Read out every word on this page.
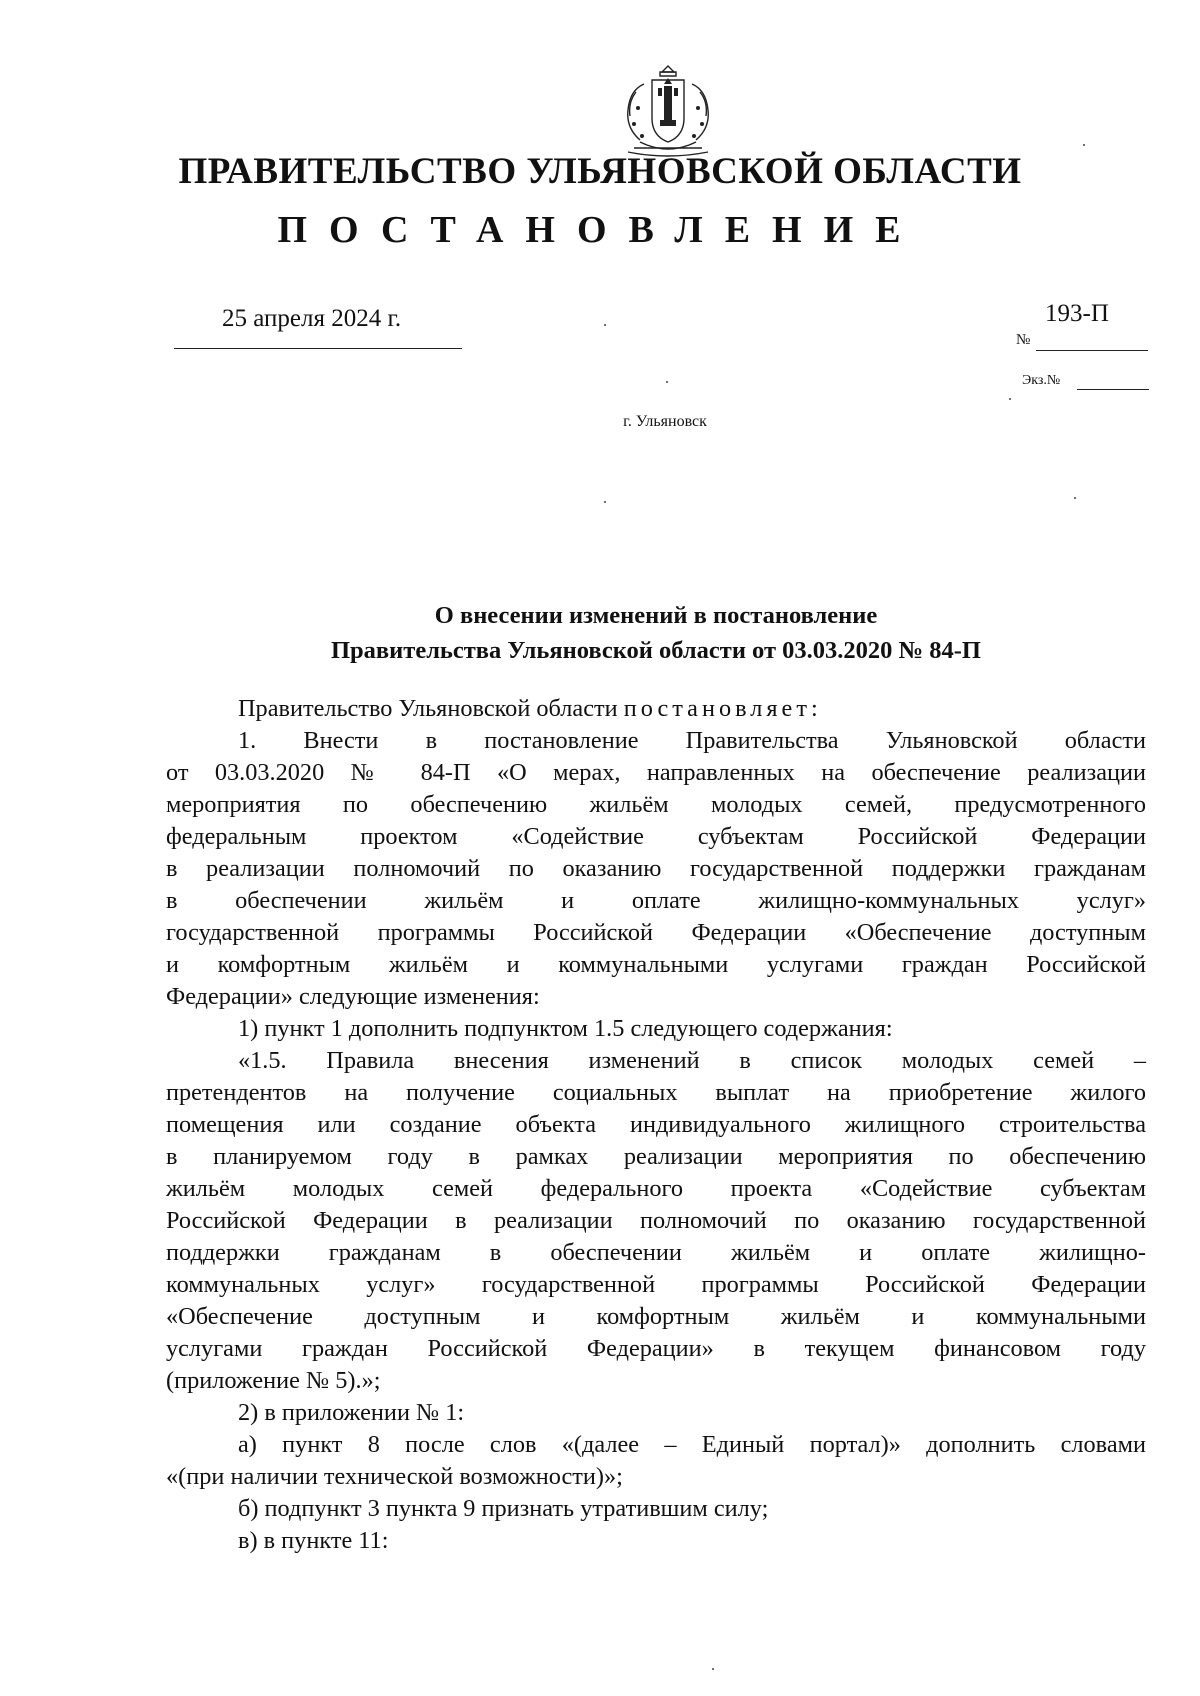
ПРАВИТЕЛЬСТВО УЛЬЯНОВСКОЙ ОБЛАСТИ
ПОСТАНОВЛЕНИЕ
25 апреля 2024 г.	193-П
№
Экз.№
г. Ульяновск
О внесении изменений в постановление
Правительства Ульяновской области от 03.03.2020 № 84-П
Правительство Ульяновской области постановляет:
1. Внести в постановление Правительства Ульяновской области
от 03.03.2020 № 84-П «О мерах, направленных на обеспечение реализации
мероприятия по обеспечению жильём молодых семей, предусмотренного
федеральным проектом «Содействие субъектам Российской Федерации
в реализации полномочий по оказанию государственной поддержки гражданам
в обеспечении жильём и оплате жилищно-коммунальных услуг»
государственной программы Российской Федерации «Обеспечение доступным
и комфортным жильём и коммунальными услугами граждан Российской
Федерации» следующие изменения:
1) пункт 1 дополнить подпунктом 1.5 следующего содержания:
«1.5. Правила внесения изменений в список молодых семей –
претендентов на получение социальных выплат на приобретение жилого
помещения или создание объекта индивидуального жилищного строительства
в планируемом году в рамках реализации мероприятия по обеспечению
жильём молодых семей федерального проекта «Содействие субъектам
Российской Федерации в реализации полномочий по оказанию государственной
поддержки гражданам в обеспечении жильём и оплате жилищно-
коммунальных услуг» государственной программы Российской Федерации
«Обеспечение доступным и комфортным жильём и коммунальными
услугами граждан Российской Федерации» в текущем финансовом году
(приложение № 5).»;
2) в приложении № 1:
а) пункт 8 после слов «(далее – Единый портал)» дополнить словами
«(при наличии технической возможности)»;
б) подпункт 3 пункта 9 признать утратившим силу;
в) в пункте 11:
